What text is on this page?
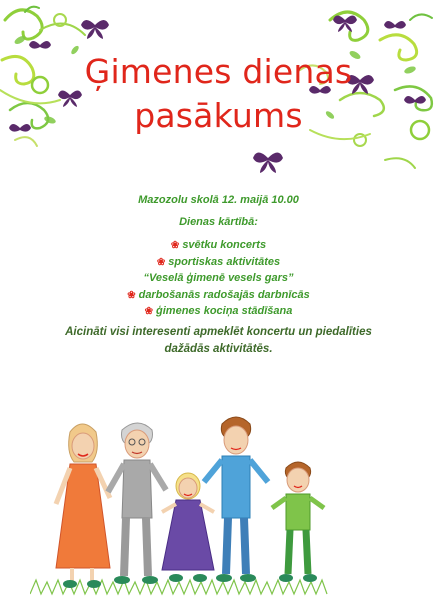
Ģimenes dienas
pasākums
Mazozolu skolā 12. maijā 10.00
Dienas kārtībā:
❀ svētku koncerts
❀ sportiskas aktivitātes
“Veselā ģimenē vesels gars”
❀ darbošanās radošajās darbnīcās
❀ ģimenes kociņa stādīšana
Aicināti visi interesenti apmeklēt koncertu un piedalīties
dažādās aktivitātēs.
